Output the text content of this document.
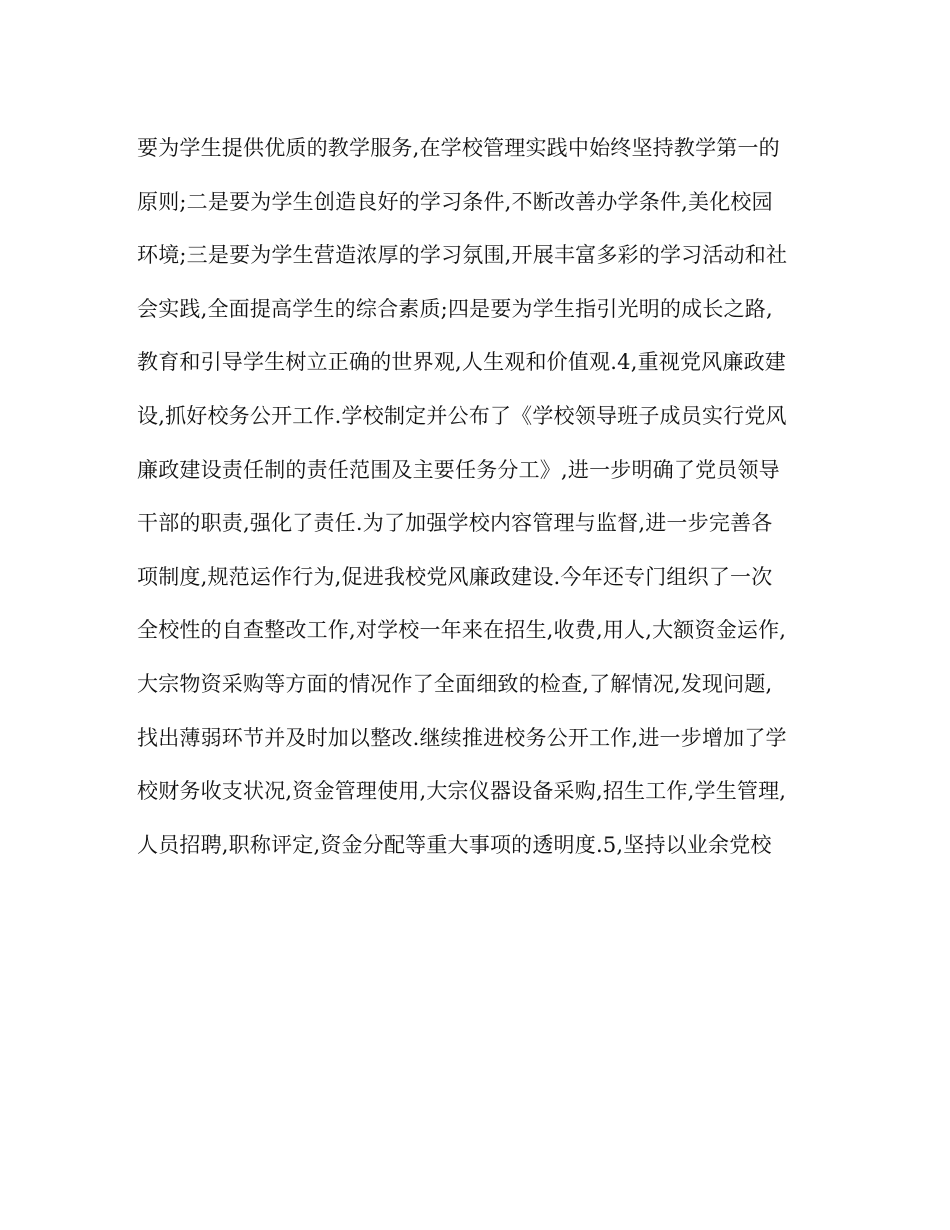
要为学生提供优质的教学服务,在学校管理实践中始终坚持教学第一的
原则;二是要为学生创造良好的学习条件,不断改善办学条件,美化校园
环境;三是要为学生营造浓厚的学习氛围,开展丰富多彩的学习活动和社
会实践,全面提高学生的综合素质;四是要为学生指引光明的成长之路,
教育和引导学生树立正确的世界观,人生观和价值观.4,重视党风廉政建
设,抓好校务公开工作.学校制定并公布了《学校领导班子成员实行党风
廉政建设责任制的责任范围及主要任务分工》,进一步明确了党员领导
干部的职责,强化了责任.为了加强学校内容管理与监督,进一步完善各
项制度,规范运作行为,促进我校党风廉政建设.今年还专门组织了一次
全校性的自查整改工作,对学校一年来在招生,收费,用人,大额资金运作,
大宗物资采购等方面的情况作了全面细致的检查,了解情况,发现问题,
找出薄弱环节并及时加以整改.继续推进校务公开工作,进一步增加了学
校财务收支状况,资金管理使用,大宗仪器设备采购,招生工作,学生管理,
人员招聘,职称评定,资金分配等重大事项的透明度.5,坚持以业余党校
